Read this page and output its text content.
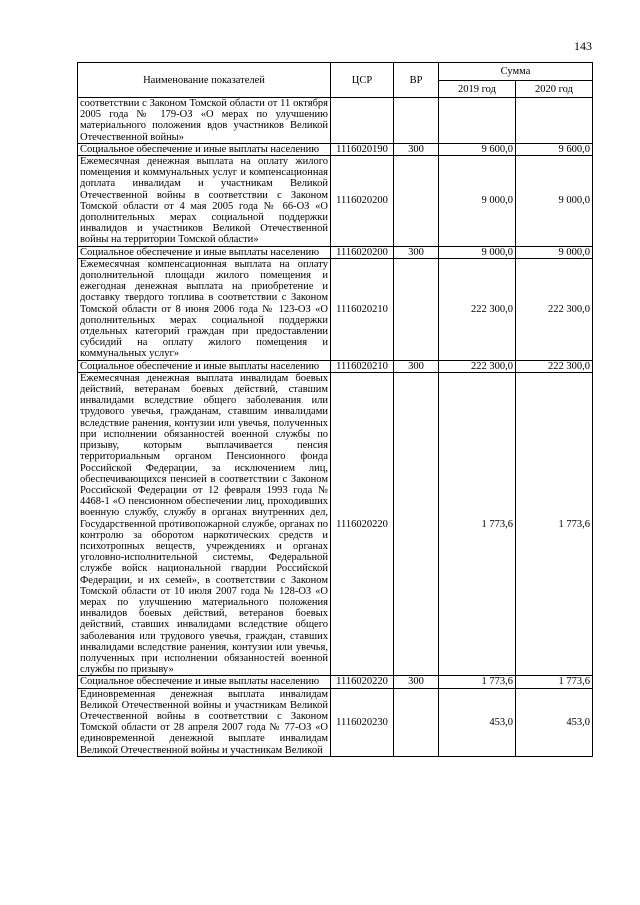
143
Наименование показателей	ЦСР	ВР	Сумма	
			2019 год	2020 год
соответствии с Законом Томской области от 11 октября 2005 года № 179-ОЗ «О мерах по улучшению материального положения вдов участников Великой Отечественной войны»				
Социальное обеспечение и иные выплаты населению	1116020190	300	9 600,0	9 600,0
Ежемесячная денежная выплата на оплату жилого помещения и коммунальных услуг и компенсационная доплата инвалидам и участникам Великой Отечественной войны в соответствии с Законом Томской области от 4 мая 2005 года № 66-ОЗ «О дополнительных мерах социальной поддержки инвалидов и участников Великой Отечественной войны на территории Томской области»	1116020200		9 000,0	9 000,0
Социальное обеспечение и иные выплаты населению	1116020200	300	9 000,0	9 000,0
Ежемесячная компенсационная выплата на оплату дополнительной площади жилого помещения и ежегодная денежная выплата на приобретение и доставку твердого топлива в соответствии с Законом Томской области от 8 июня 2006 года № 123-ОЗ «О дополнительных мерах социальной поддержки отдельных категорий граждан при предоставлении субсидий на оплату жилого помещения и коммунальных услуг»	1116020210		222 300,0	222 300,0
Социальное обеспечение и иные выплаты населению	1116020210	300	222 300,0	222 300,0
Ежемесячная денежная выплата инвалидам боевых действий, ветеранам боевых действий, ставшим инвалидами вследствие общего заболевания или трудового увечья, гражданам, ставшим инвалидами вследствие ранения, контузии или увечья, полученных при исполнении обязанностей военной службы по призыву, которым выплачивается пенсия территориальным органом Пенсионного фонда Российской Федерации, за исключением лиц, обеспечивающихся пенсией в соответствии с Законом Российской Федерации от 12 февраля 1993 года № 4468-1 «О пенсионном обеспечении лиц, проходивших военную службу, службу в органах внутренних дел, Государственной противопожарной службе, органах по контролю за оборотом наркотических средств и психотропных веществ, учреждениях и органах уголовно-исполнительной системы, Федеральной службе войск национальной гвардии Российской Федерации, и их семей», в соответствии с Законом Томской области от 10 июля 2007 года № 128-ОЗ «О мерах по улучшению материального положения инвалидов боевых действий, ветеранов боевых действий, ставших инвалидами вследствие общего заболевания или трудового увечья, граждан, ставших инвалидами вследствие ранения, контузии или увечья, полученных при исполнении обязанностей военной службы по призыву»	1116020220		1 773,6	1 773,6
Социальное обеспечение и иные выплаты населению	1116020220	300	1 773,6	1 773,6
Единовременная денежная выплата инвалидам Великой Отечественной войны и участникам Великой Отечественной войны в соответствии с Законом Томской области от 28 апреля 2007 года № 77-ОЗ «О единовременной денежной выплате инвалидам Великой Отечественной войны и участникам Великой	1116020230		453,0	453,0
